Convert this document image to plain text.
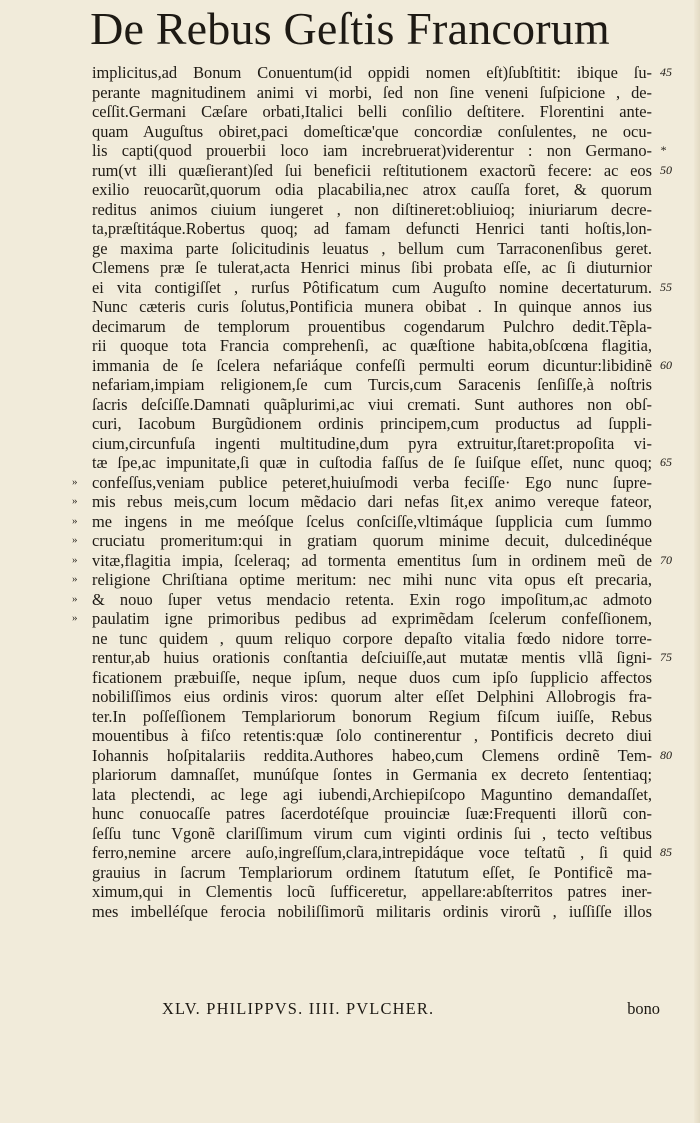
De Rebus Geſtis Francorum
implicitus,ad Bonum Conuentum(id oppidi nomen eſt)ſubſtitit: ibique ſu-
perante magnitudinem animi vi morbi, ſed non ſine veneni ſuſpicione , de-
ceſſit.Germani Cæſare orbati,Italici belli conſilio deſtitere. Florentini ante-
quam Auguſtus obiret,paci domeſticæ'que concordiæ conſulentes, ne ocu-
lis capti(quod prouerbii loco iam increbruerat)viderentur : non Germano-
rum(vt illi quæſierant)ſed ſui beneficii reſtitutionem exactorũ fecere: ac eos
exilio reuocarũt,quorum odia placabilia,nec atrox cauſſa foret, & quorum
reditus animos ciuium iungeret , non diſtineret:obliuioq; iniuriarum decre-
ta,præſtitáque.Robertus quoq; ad famam defuncti Henrici tanti hoſtis,lon-
ge maxima parte ſolicitudinis leuatus , bellum cum Tarraconenſibus geret.
Clemens præ ſe tulerat,acta Henrici minus ſibi probata eſſe, ac ſi diuturnior
ei vita contigiſſet , rurſus Pôtificatum cum Auguſto nomine decertaturum.
Nunc cæteris curis ſolutus,Pontificia munera obibat . In quinque annos ius
decimarum de templorum prouentibus cogendarum Pulchro dedit.Tẽpla-
rii quoque tota Francia comprehenſi, ac quæſtione habita,obſcœna flagitia,
immania de ſe ſcelera nefariáque confeſſi permulti eorum dicuntur:libidinẽ
nefariam,impiam religionem,ſe cum Turcis,cum Saracenis ſenſiſſe,à noſtris
ſacris deſciſſe.Damnati quãplurimi,ac viui cremati. Sunt authores non obſ-
curi, Iacobum Burgũdionem ordinis principem,cum productus ad ſuppli-
cium,circunfuſa ingenti multitudine,dum pyra extruitur,ſtaret:propoſita vi-
tæ ſpe,ac impunitate,ſi quæ in cuſtodia faſſus de ſe ſuiſque eſſet, nunc quoq;
confeſſus,veniam publice peteret,huiuſmodi verba feciſſe· Ego nunc ſupre-
mis rebus meis,cum locum mẽdacio dari nefas ſit,ex animo vereque fateor,
me ingens in me meóſque ſcelus conſciſſe,vltimáque ſupplicia cum ſummo
cruciatu promeritum:qui in gratiam quorum minime decuit, dulcedinéque
vitæ,flagitia impia, ſceleraq; ad tormenta ementitus ſum in ordinem meũ de
religione Chriſtiana optime meritum: nec mihi nunc vita opus eſt precaria,
& nouo ſuper vetus mendacio retenta. Exin rogo impoſitum,ac admoto
paulatim igne primoribus pedibus ad exprimẽdam ſcelerum confeſſionem,
ne tunc quidem , quum reliquo corpore depaſto vitalia fœdo nidore torre-
rentur,ab huius orationis conſtantia deſciuiſſe,aut mutatæ mentis vllã ſigni-
ficationem præbuiſſe, neque ipſum, neque duos cum ipſo ſupplicio affectos
nobiliſſimos eius ordinis viros: quorum alter eſſet Delphini Allobrogis fra-
ter.In poſſeſſionem Templariorum bonorum Regium fiſcum iuiſſe, Rebus
mouentibus à fiſco retentis:quæ ſolo continerentur , Pontificis decreto diui
Iohannis hoſpitalariis reddita.Authores habeo,cum Clemens ordinẽ Tem-
plariorum damnaſſet, munúſque ſontes in Germania ex decreto ſententiaq;
lata plectendi, ac lege agi iubendi,Archiepiſcopo Maguntino demandaſſet,
hunc conuocaſſe patres ſacerdotéſque prouinciæ ſuæ:Frequenti illorũ con-
ſeſſu tunc Vgonẽ clariſſimum virum cum viginti ordinis ſui , tecto veſtibus
ferro,nemine arcere auſo,ingreſſum,clara,intrepidáque voce teſtatũ , ſi quid
grauius in ſacrum Templariorum ordinem ſtatutum eſſet, ſe Pontificẽ ma-
ximum,qui in Clementis locũ ſufficeretur, appellare:abſterritos patres iner-
mes imbelléſque ferocia nobiliſſimorũ militaris ordinis virorũ , iuſſiſſe illos
»
»
»
»
»
»
»
»
45
*
50
55
60
65
70
75
80
85
XLV. PHILIPPVS. IIII. PVLCHER.	bono
